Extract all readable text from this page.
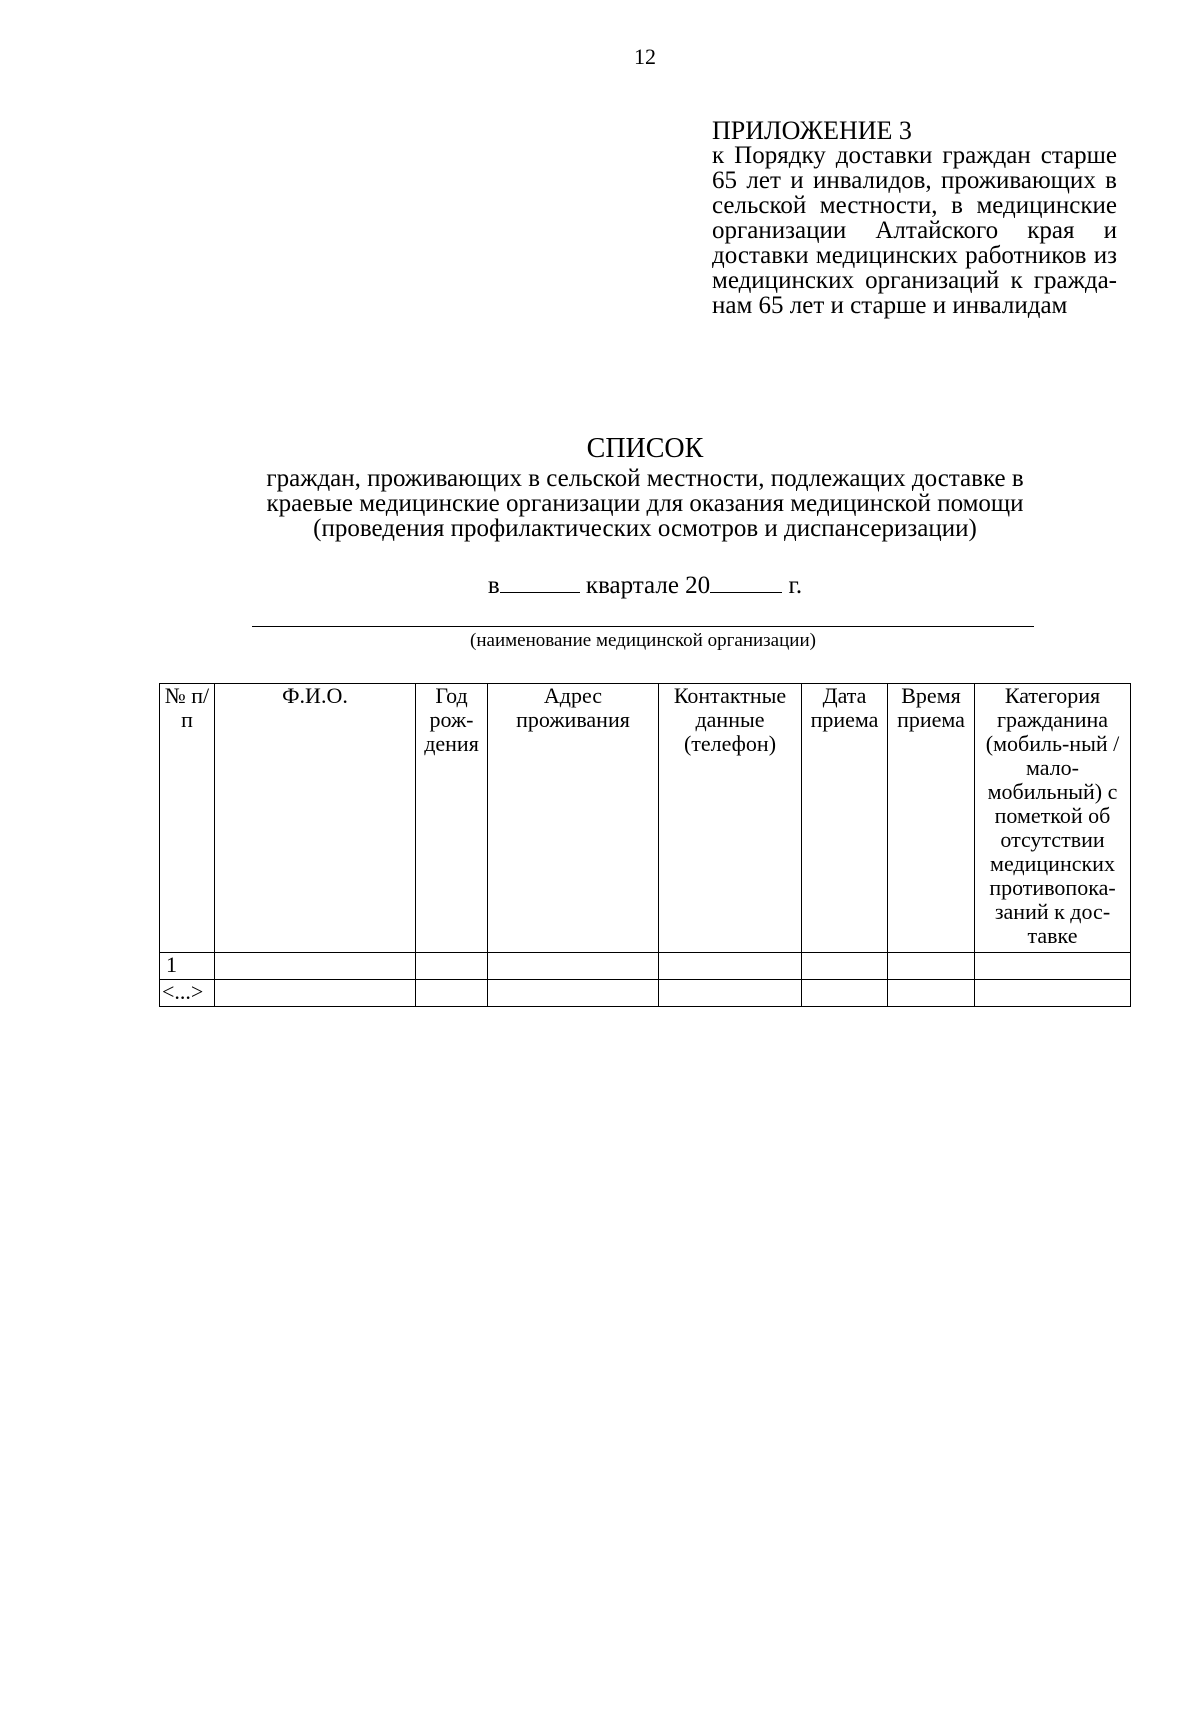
12
ПРИЛОЖЕНИЕ 3
к Порядку доставки граждан старше 65 лет и инвалидов, проживающих в сельской местности, в медицинские организации Алтайского края и доставки медицинских работников из медицинских организаций к гражданам 65 лет и старше и инвалидам
СПИСОК
граждан, проживающих в сельской местности, подлежащих доставке в краевые медицинские организации для оказания медицинской помощи (проведения профилактических осмотров и диспансеризации)
в	квартале 20	г.
(наименование медицинской организации)
№ п/п	Ф.И.О.	Год рож-дения	Адрес проживания	Контактные данные (телефон)	Дата приема	Время приема	Категория гражданина (мобиль-ный / мало-мобильный) с пометкой об отсутствии медицинских противопока-заний к дос-тавке
1							
<...>							
